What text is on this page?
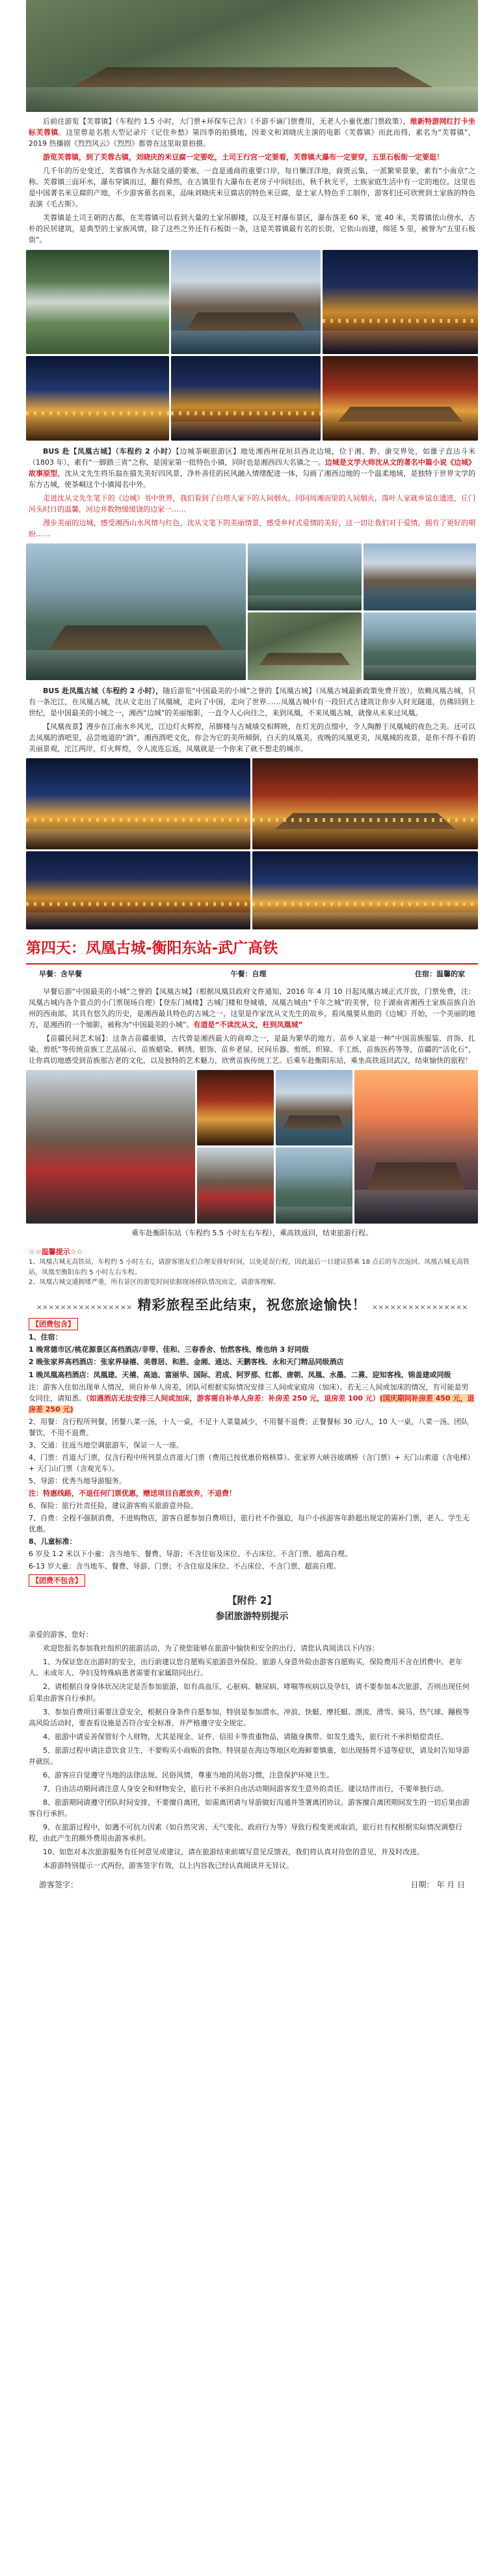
后前往游览【芙蓉镇】（车程约 1.5 小时，大门票+环保车已含）（不游不谪门票费用，无老人小童优惠门票政策），维新特游网红打卡坐标芙蓉镇。这里曾是名胜大型记录片《记住乡愁》第四季的拍摄地，因姜文和刘晓庆主演的电影《芙蓉镇》而此而得，素名为“芙蓉镇”，2019 热播剧《烈烈风云》《烈烈》都曾在这里取景拍摄。

游览芙蓉镇，到了芙蓉古镇，刘晓庆的米豆腐一定要吃，土司王行宫一定要看，芙蓉镇大瀑布一定要穿，五里石板街一定要逛！

几千年的历史变迁，芙蓉镇作为水陆交通的要塞，一直是通商的重要口岸，每日懒洋洋地，商贾云集，一派繁荣景象，素有“小南京”之称。芙蓉镇三面环水，瀑布穿镇而过，翻有舜然，在古镇里有大瀑布在老房子中间轻出，秋千秋光平，土族家庭生活中有一定的地位。这里也是中国著名米豆腐的产地，不少游客慕名而来，品味刘晓庆米豆腐店的特色米豆腐，是土家人特色手工制作，游客们还可欣赏到土家族的特色表演《毛古斯》。

芙蓉镇是土司王朝的古都，在芙蓉镇可以看到大量的土家吊脚楼，以及王村瀑布景区，瀑布落差 60 米，宽 40 米，芙蓉镇依山傍水，古朴的民居建筑，是典型的土家族风情，除了这些之外还有石板街一条，这是芙蓉镇最有名的长街，它依山而建，绵延 5 里，被誉为“五里石板街”。

BUS 赴【凤凰古城】（车程约 2 小时）【边城茶峒旅游区】地处湘西州花垣县西北边境，位于湘、黔、渝交界处，如雄子直达斗米（1803 年），素有“一脚踏三省”之称，是国家第一批特色小镇，同时也是湘西四大名镇之一。边城是文学大师沈从文的著名中篇小说《边城》故事原型，沈从文先生将乐翁在描先美好四风景，净朴善佳的民风融入情绪配进一体，勾画了湘西边地的一个温柔地域，是独特于世界文学的东方古城，使茶峒这个小镇闻名中外。

走进沈从文先生笔下的《边城》书中世界，我们看到了白塔人家下的人间烟火，同同周湘而里的人间烟火，落叶人家就乡谊在遗迹，丘门河头时日的温馨，河边并数物缓缓饶的边家一……

漫步美丽的边城，感受湘西山水风情与红色，沈从文笔下的美丽情景，感受乡村式爱情的美好，这一切让我们对于爱情，拥有了更好的期盼……

BUS 赴凤凰古城（车程约 2 小时），随后游览“中国最美的小城”之誉的【凤凰古城】（凤凰古城最新政策免费开放），依赖凤凰古城，只有一条沱江，在凤凰古城，沈从文走出了凤凰城，走向了中国，走向了世界……凤凰古城中有一段旧式古建筑让你步入时光隧道，仿佛回到上世纪，是中国最美的小城之一，湘西“边城”的美丽缩影，一直令人心向往之，来到凤凰，不来凤凰古城，就像从未来过凤凰。

【凤凰夜景】漫步在江南水乡风光，江边灯火辉煌，吊脚楼与古城墙交相辉映，在灯光的点缀中，令人陶醉于凤凰城的夜色之美。还可以去凤凰的酒吧里，品尝地道的“酒”，湘西酒吧文化，你会为它的美所倾倒，白天的凤凰美，夜晚的凤凰更美，凤凰城的夜景，是你不得不看的美丽景观，沱江两岸，灯火辉煌，令人流连忘返，凤凰就是一个你来了就不想走的城市。

第四天：凤凰古城-衡阳东站-武广高铁
早餐：含早餐	午餐：自理	住宿：温馨的家

早餐后游“中国最美的小城”之誉的【凤凰古城】（根据凤凰县政府文件通知，2016 年 4 月 10 日起凤凰古城正式开放，门票免费，注：凤凰古城内各个景点的小门票现场自理）【登东门城楼】古城门楼和登城墙，凤凰古城由“千年之城”的美誉，位于湖南省湘西土家族苗族自治州的西南部，其具有悠久的历史，是湘西最具特色的古城之一，这里是作家沈从文先生的故乡，看凤凰要从他的《边城》开始，一个美丽的地方，是湘西的一个缩影，被称为“中国最美的小城”。有道是“不读沈从文，枉到凤凰城”

【苗疆民间艺术展】：这条古苗疆重镇，古代曾是湘西最大的商埠之一，是最为繁华的地方。苗乡人家是一种“中国苗族服装、首饰、扎染、剪纸”等传统苗族工艺品展示，苗族蜡染、刺绣、银饰、苗乡老屋、民间乐器、剪纸、织锦、手工纸、苗族医药等等，苗疆的“活化石”，让你真切地感受到苗族那古老的文化，以及独特的艺术魅力，欣赏苗族传统工艺。后乘车赴衡阳东站，乘坐高铁返回武汉，结束愉快的旅程！

乘车赴衡阳东站（车程约 5.5 小时左右车程），乘高铁返回，结束旅游行程。
☆☆温馨提示☆☆
1、凤凰古城无高铁站，车程约 5 小时左右，请游客朋友们合理安排好时间，以免延误行程，因此最后一日建议搭乘 18 点后的车次返回。凤凰古城无高铁站，凤凰至衡阳东约 5 小时左右车程。
2、凤凰古城交通拥堵严重，所有景区的游览时间依据现场排队情况而定，请游客理解。
×××××××××××××××× 精彩旅程至此结束，祝您旅途愉快！ ××××××××××××××××

【团费包含】

1、住宿：

1 晚常德市区/桃花源景区高档酒店/非带、佳和、三春香舍、怡然客栈、维也纳 3 好同级

2 晚张家界高档酒店：张家界禄禧、美蓉居、和胜、金湘、通达、天鹏客栈、永和天门精品同级酒店

1 晚凤凰高档酒店：凤凰建、天禧、高迪、富丽华、国际、君成、阿罗那、红都、唐朝、凤凰、水墨、二熹、迎知客栈、锦盖建或同级

注：游客入住如出现单人情况，须自补单人房差，团队可根据实际情况安排三人间或家庭房（加床）。若无三人间或加床的情况，有可能是男女同住，请知悉。（如遇酒店无法安排三人间或加床，游客需自补单人房差：补房差 250 元，退房差 100 元）(国庆期间补房差 450 元，退房差 250 元)

2、用餐：含行程所列餐，团餐八菜一汤，十人一桌，不足十人菜量减少，不用餐不退费；正餐餐标 30 元/人，10 人一桌，八菜一汤，团队餐饮，不用不退费。

3、交通：往返当地空调旅游车，保证一人一座。

4、门票：首道大门票，仅含行程中所列景点首道大门票（费用已按优惠价格核算）。张家界大峡谷玻璃桥（含门票）+ 天门山索道（含电梯）+ 天门山门票（含观光车）。

5、导游：优秀当地导游服务。

注：特惠线路，不退任何门票优惠，赠送项目自愿放弃，不退费！

6、保险：旅行社责任险，建议游客购买旅游意外险。

7、自费：全程不强制消费，不进购物店，游客自愿参加自费项目，旅行社不作强迫，每户小孩游客年龄超出规定的需补门票，老人、学生无优惠。

8、儿童标准：

6 岁及 1.2 米以下小童：含当地车、餐费、导游；不含住宿及床位、不占床位、不含门票、超高自理。

6-13 岁大童：含当地车、餐费、导游、门票；不含住宿及床位、不占床位、不含门票、超高自理。

【团费不包含】

【附件 2】
参团旅游特别提示

亲爱的游客，您好：

欢迎您报名参加我社组织的旅游活动，为了使您能够在旅游中愉快和安全的出行，请您认真阅读以下内容：

1、为保证您在出游时的安全，出行前建议您自愿购买旅游意外保险。旅游人身意外险由游客自愿购买，保险费用不含在团费中。老年人、未成年人、孕妇及特殊病患者需要有家属陪同出行。

2、请根据自身身体状况决定是否参加旅游，如有高血压、心脏病、糖尿病、哮喘等疾病以及孕妇，请不要参加本次旅游，否则出现任何后果由游客自行承担。

3、参加自费项目需要注意安全，根据自身条件自愿参加，特别是参加潜水、冲浪、快艇、摩托艇、漂流、滑雪、骑马、热气球、蹦极等高风险活动时，要查看设施是否符合安全标准，并严格遵守安全规定。

4、旅游中请妥善保管好个人财物，尤其是现金、证件、信用卡等贵重物品，请随身携带。如发生遗失，旅行社不承担赔偿责任。

5、旅游过程中请注意饮食卫生，不要购买小商贩的食物。特别是在海边等地区吃海鲜要慎重，如出现肠胃不适等症状，请及时告知导游并就医。

6、游客应自觉遵守当地的法律法规、民俗风情，尊重当地的风俗习惯，注意保护环境卫生。

7、自由活动期间请注意人身安全和财物安全，旅行社不承担自由活动期间游客发生意外的责任。建议结伴而行，不要单独行动。

8、旅游期间请遵守团队时间安排，不要擅自离团，如需离团请与导游做好沟通并签署离团协议。游客擅自离团期间发生的一切后果由游客自行承担。

9、在旅游过程中，如遇不可抗力因素（如自然灾害、天气变化、政府行为等）导致行程变更或取消，旅行社有权根据实际情况调整行程，由此产生的额外费用由游客承担。

10、如您对本次旅游服务有任何意见或建议，请在旅游结束前填写意见反馈表，我们将认真对待您的意见，并及时改进。

本游游特别提示一式两份，游客签字有效，以上内容我已经认真阅读并无异议。

游客签字：	日期： 年 月 日
